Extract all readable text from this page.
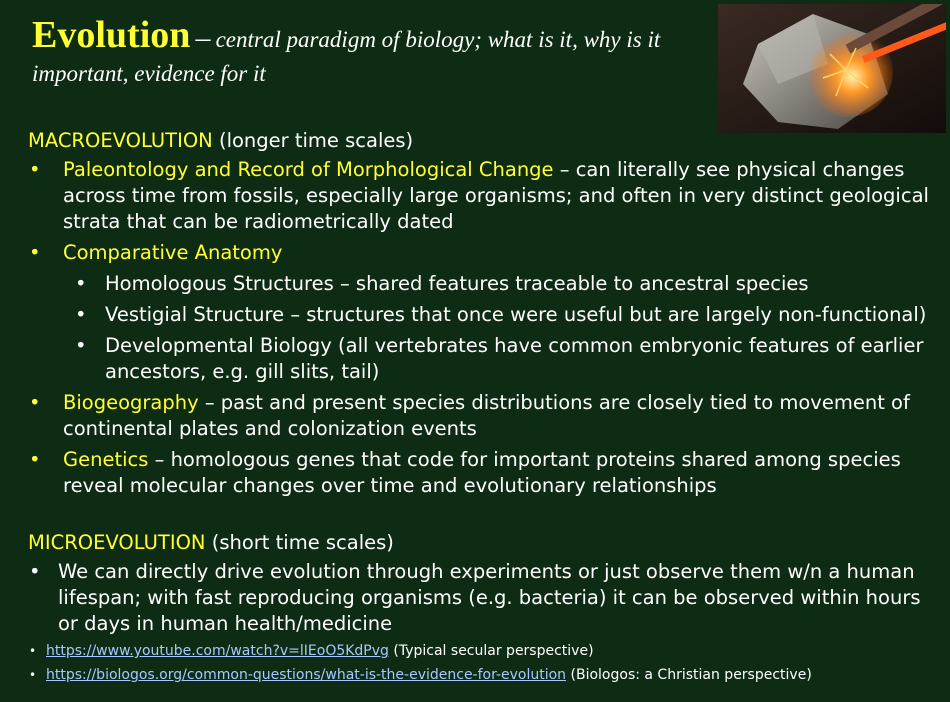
Evolution – central paradigm of biology; what is it, why is it important, evidence for it
MACROEVOLUTION (longer time scales)
• Paleontology and Record of Morphological Change – can literally see physical changes across time from fossils, especially large organisms; and often in very distinct geological strata that can be radiometrically dated
• Comparative Anatomy
• Homologous Structures – shared features traceable to ancestral species
• Vestigial Structure – structures that once were useful but are largely non-functional)
• Developmental Biology (all vertebrates have common embryonic features of earlier ancestors, e.g. gill slits, tail)
• Biogeography – past and present species distributions are closely tied to movement of continental plates and colonization events
• Genetics – homologous genes that code for important proteins shared among species reveal molecular changes over time and evolutionary relationships
MICROEVOLUTION (short time scales)
• We can directly drive evolution through experiments or just observe them w/n a human lifespan; with fast reproducing organisms (e.g. bacteria) it can be observed within hours or days in human health/medicine
• https://www.youtube.com/watch?v=lIEoO5KdPvg (Typical secular perspective)
• https://biologos.org/common-questions/what-is-the-evidence-for-evolution (Biologos: a Christian perspective)
